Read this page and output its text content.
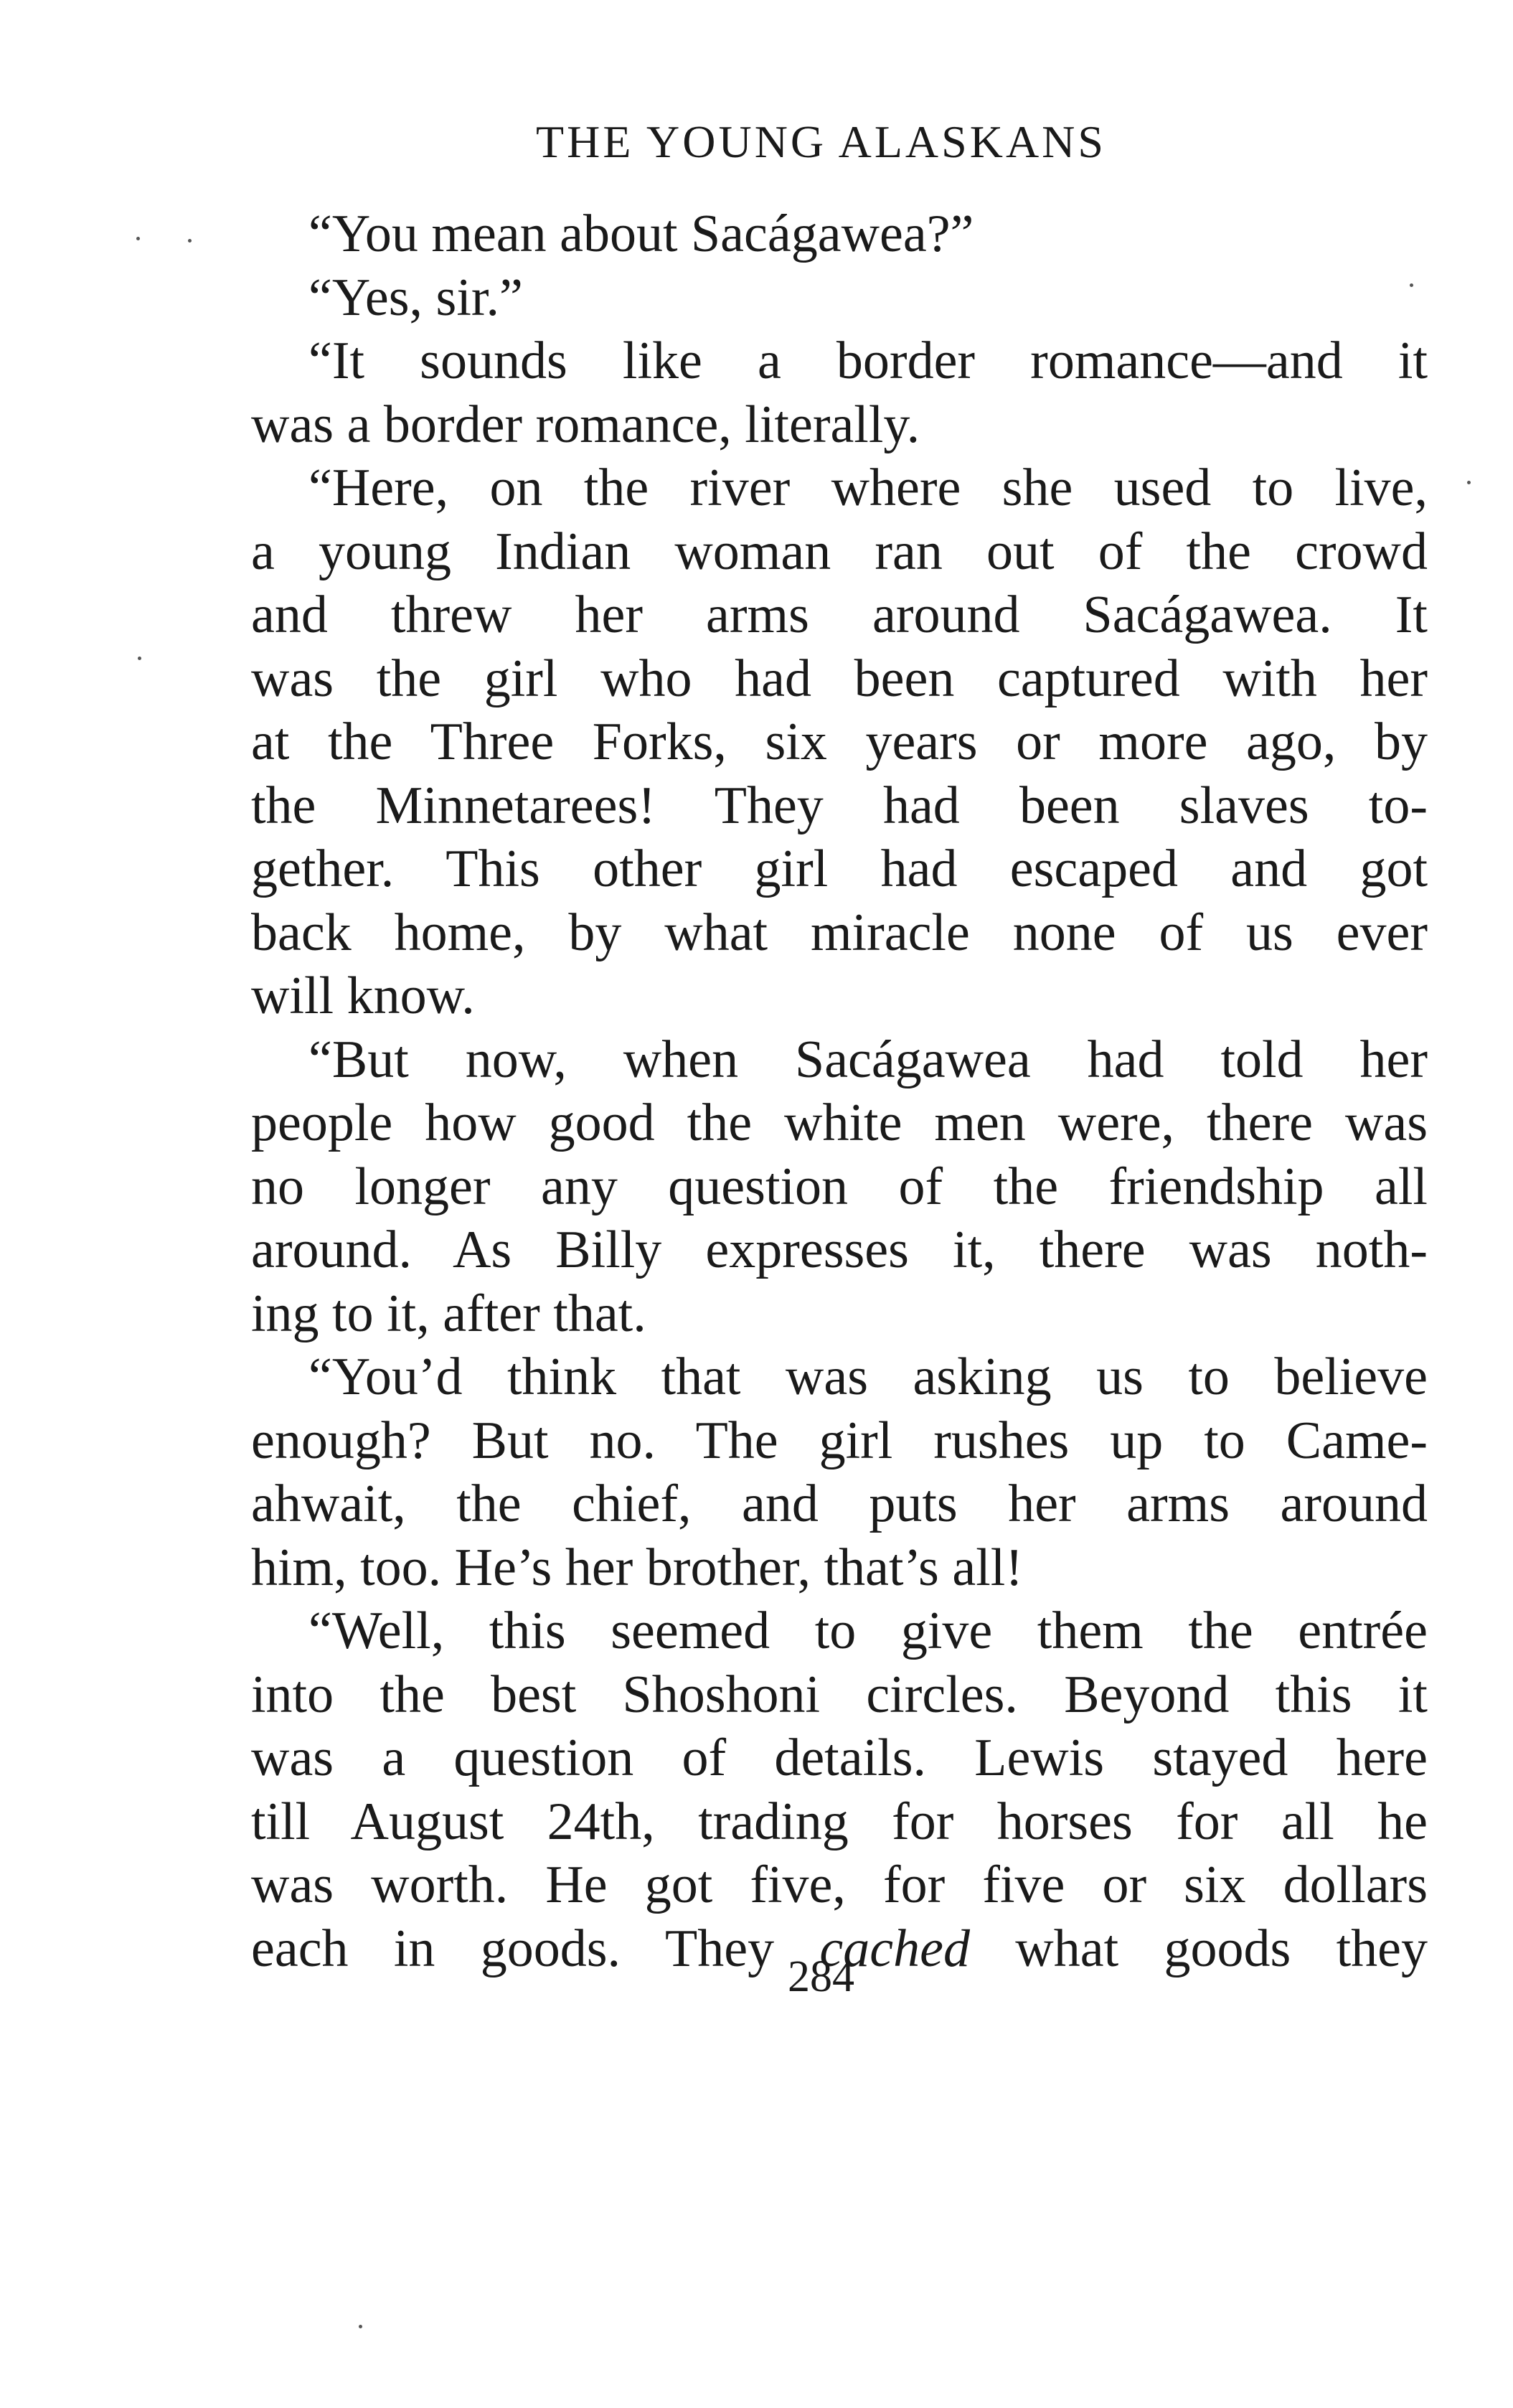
THE YOUNG ALASKANS
“You mean about Sacágawea?”
“Yes, sir.”
“It sounds like a border romance—and it
was a border romance, literally.
“Here, on the river where she used to live,
a young Indian woman ran out of the crowd
and threw her arms around Sacágawea. It
was the girl who had been captured with her
at the Three Forks, six years or more ago, by
the Minnetarees! They had been slaves to-
gether. This other girl had escaped and got
back home, by what miracle none of us ever
will know.
“But now, when Sacágawea had told her
people how good the white men were, there was
no longer any question of the friendship all
around. As Billy expresses it, there was noth-
ing to it, after that.
“You’d think that was asking us to believe
enough? But no. The girl rushes up to Came-
ahwait, the chief, and puts her arms around
him, too. He’s her brother, that’s all!
“Well, this seemed to give them the entrée
into the best Shoshoni circles. Beyond this it
was a question of details. Lewis stayed here
till August 24th, trading for horses for all he
was worth. He got five, for five or six dollars
each in goods. They cached what goods they
284
